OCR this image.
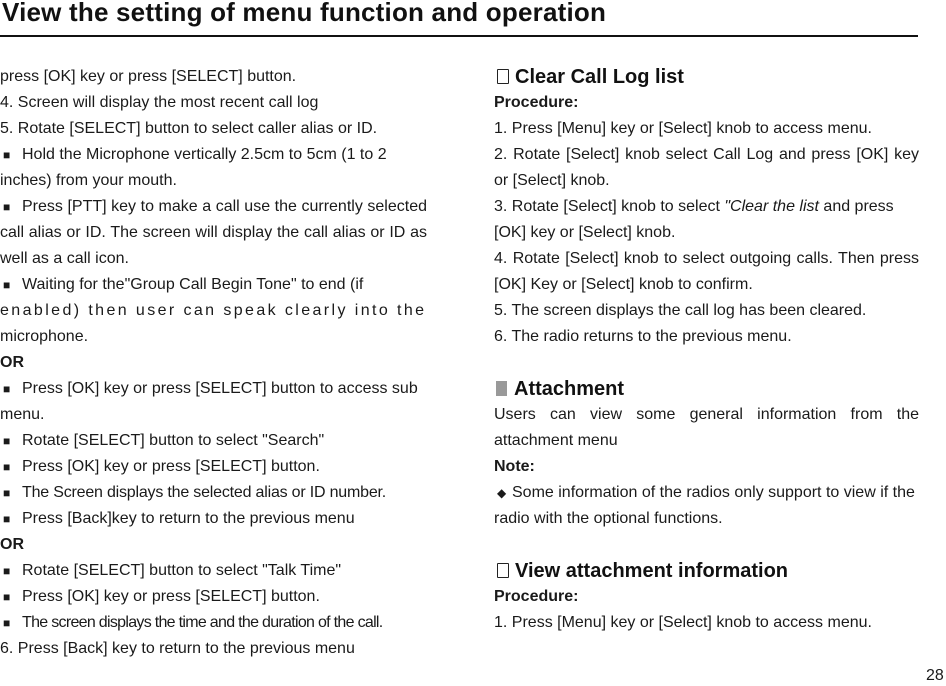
View the setting of menu function and operation

press [OK] key or press [SELECT] button.

4. Screen will display the most recent call log

5. Rotate [SELECT] button to select caller alias or ID.

■ Hold the Microphone vertically 2.5cm to 5cm (1 to 2 inches) from your mouth.

■ Press [PTT] key to make a call use the currently selected call alias or ID. The screen will display the call alias or ID as well as a call icon.

■ Waiting for the"Group Call Begin Tone" to end (if

enabled) then user can speak clearly into the

microphone.

OR

■ Press [OK] key or press [SELECT] button to access sub menu.

■ Rotate [SELECT] button to select "Search"

■ Press [OK] key or press [SELECT] button.

■ The Screen displays the selected alias or ID number.

■ Press [Back]key to return to the previous menu

OR

■ Rotate [SELECT] button to select "Talk Time"

■ Press [OK] key or press [SELECT] button.

■ The screen displays the time and the duration of the call.

6. Press [Back] key to return to the previous menu

Clear Call Log list

Procedure:

1. Press [Menu] key or [Select] knob to access menu.

2. Rotate [Select] knob select Call Log and press [OK] key or [Select] knob.

3. Rotate [Select] knob to select "Clear the list and press [OK] key or [Select] knob.

4. Rotate [Select] knob to select outgoing calls. Then press [OK] Key or [Select] knob to confirm.

5. The screen displays the call log has been cleared.

6. The radio returns to the previous menu.

Attachment

Users can view some general information from the attachment menu

Note:

◆ Some information of the radios only support to view if the radio with the optional functions.

View attachment information

Procedure:

1. Press [Menu] key or [Select] knob to access menu.

28
